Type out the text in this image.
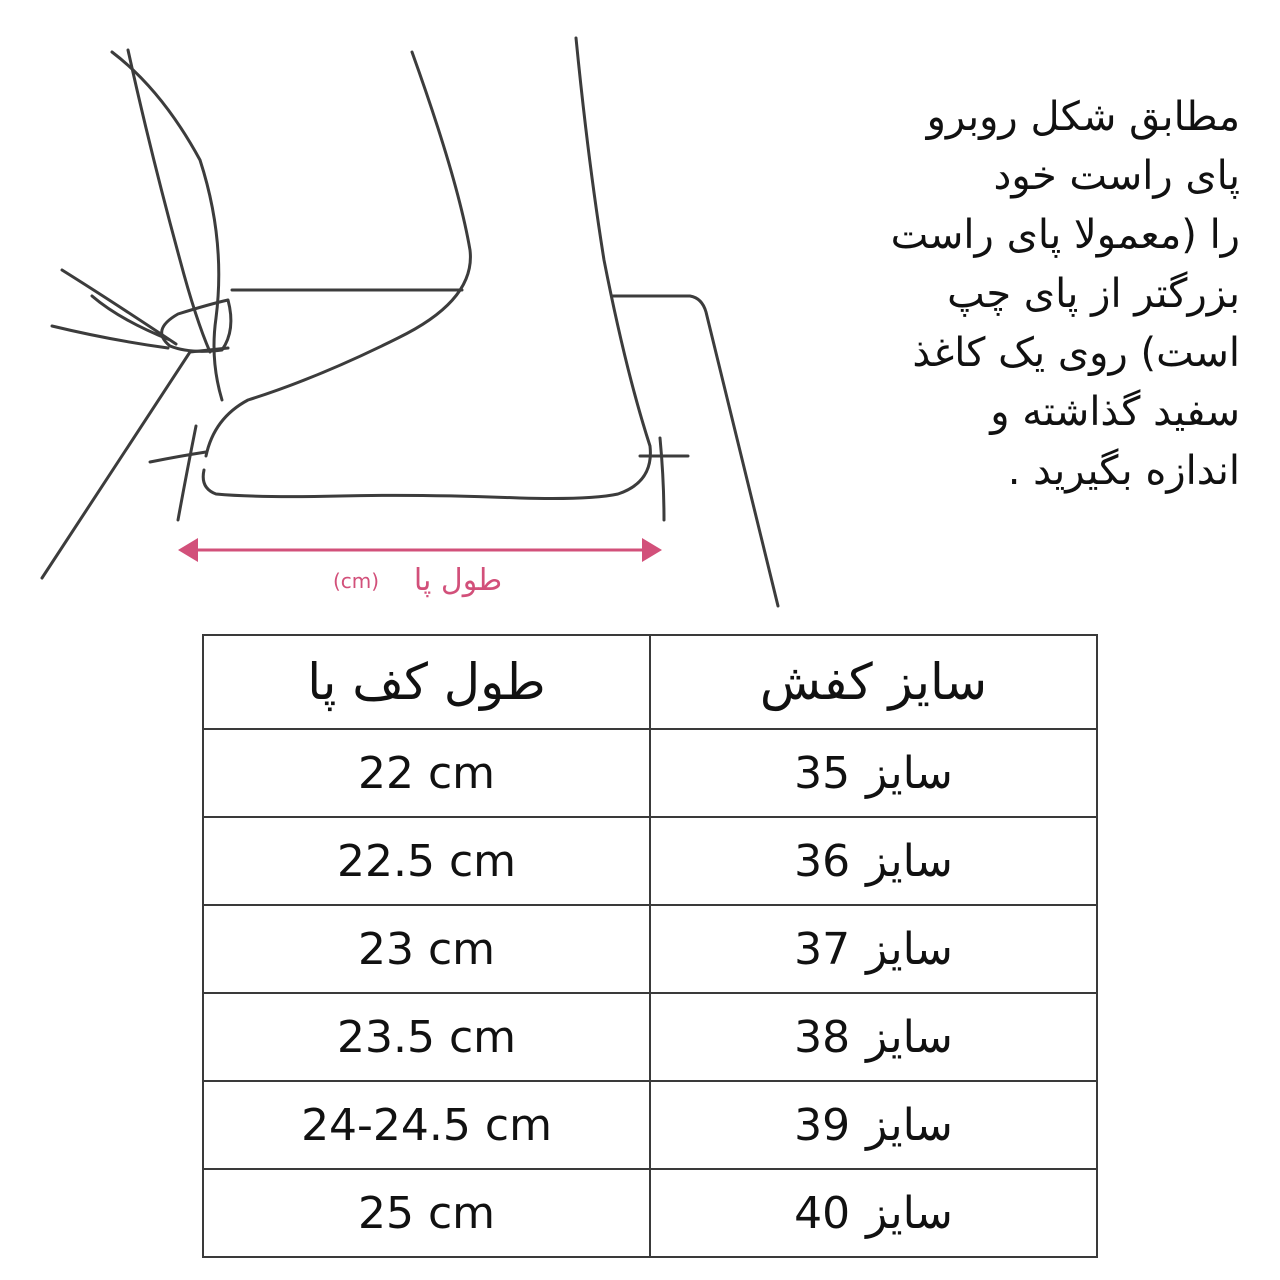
طول پا
(cm)
مطابق شکل روبرو
پای راست خود
را (معمولا پای راست
بزرگتر از پای چپ
است) روی یک کاغذ
سفید گذاشته و
اندازه بگیرید .
طول کف پا	سایز کفش
22 cm	سایز35
22.5 cm	سایز36
23 cm	سایز37
23.5 cm	سایز38
24-24.5 cm	سایز39
25 cm	سایز40
